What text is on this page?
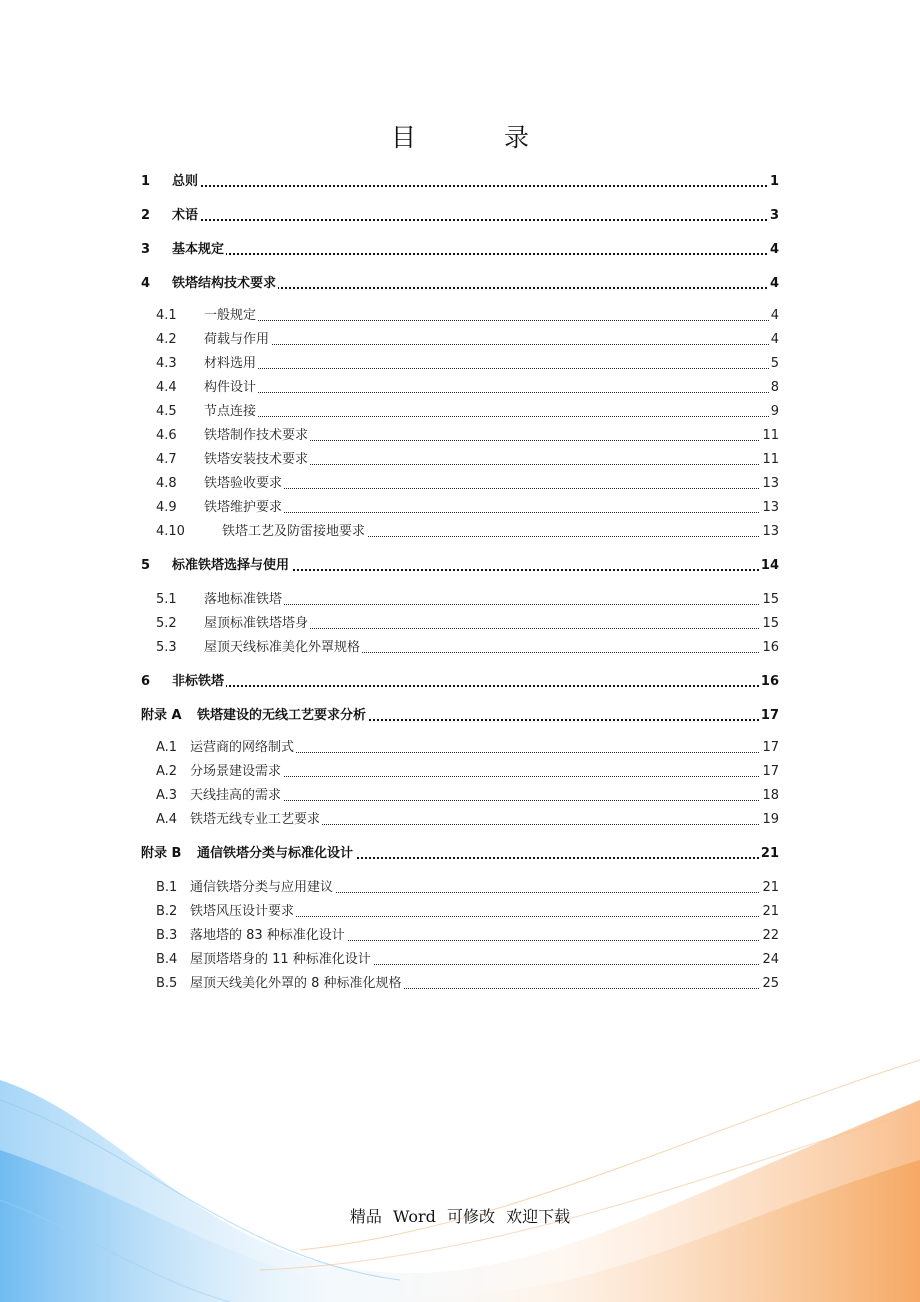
目 录
1 总则	1
2 术语	3
3 基本规定	4
4 铁塔结构技术要求	4
4.1 一般规定	4
4.2 荷载与作用	4
4.3 材料选用	5
4.4 构件设计	8
4.5 节点连接	9
4.6 铁塔制作技术要求	11
4.7 铁塔安装技术要求	11
4.8 铁塔验收要求	13
4.9 铁塔维护要求	13
4.10	铁塔工艺及防雷接地要求	13
5 标准铁塔选择与使用	14
5.1 落地标准铁塔	15
5.2 屋顶标准铁塔塔身	15
5.3 屋顶天线标准美化外罩规格	16
6 非标铁塔	16
附录 A 铁塔建设的无线工艺要求分析	17
A.1 运营商的网络制式	17
A.2 分场景建设需求	17
A.3 天线挂高的需求	18
A.4 铁塔无线专业工艺要求	19
附录 B 通信铁塔分类与标准化设计	21
B.1 通信铁塔分类与应用建议	21
B.2 铁塔风压设计要求	21
B.3 落地塔的 83 种标准化设计	22
B.4 屋顶塔塔身的 11 种标准化设计	24
B.5 屋顶天线美化外罩的 8 种标准化规格	25
精品 Word 可修改 欢迎下载
